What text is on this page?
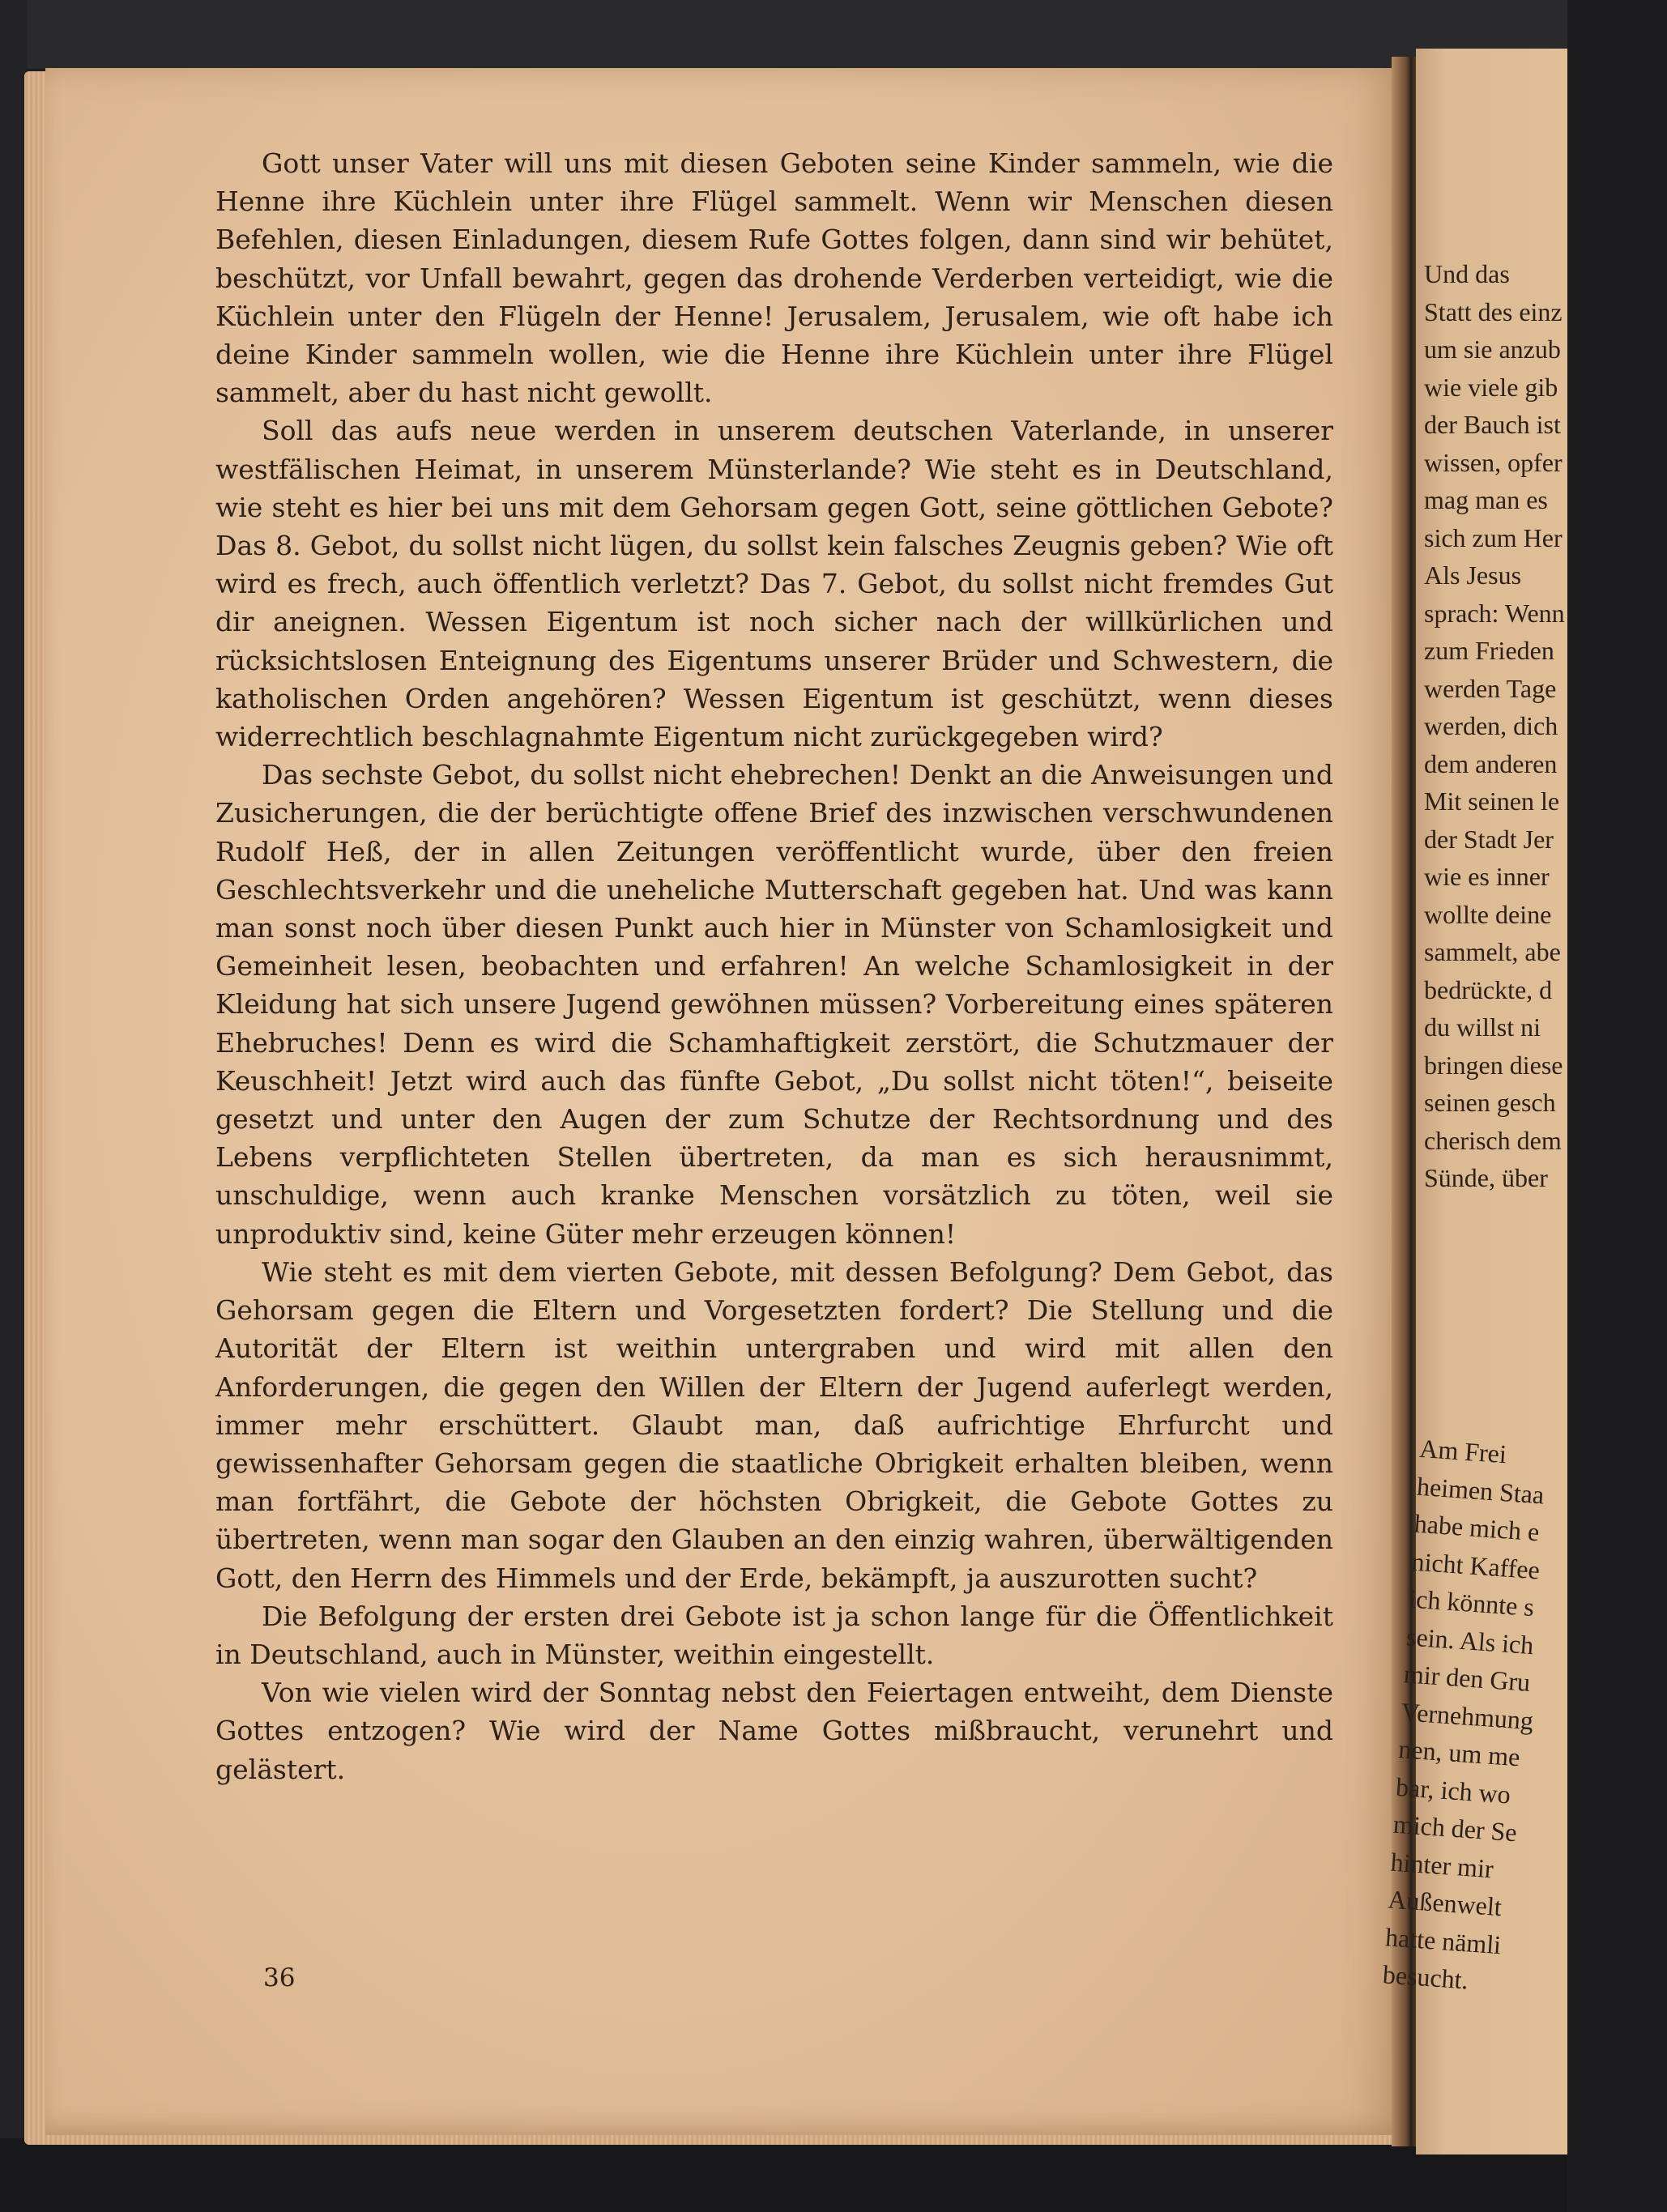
Gott unser Vater will uns mit diesen Geboten seine Kinder sammeln, wie die Henne ihre Küchlein unter ihre Flügel sammelt. Wenn wir Menschen diesen Befehlen, diesen Einladungen, diesem Rufe Gottes folgen, dann sind wir behütet, beschützt, vor Unfall bewahrt, gegen das drohende Verderben verteidigt, wie die Küchlein unter den Flügeln der Henne! Jerusalem, Jerusalem, wie oft habe ich deine Kinder sammeln wollen, wie die Henne ihre Küchlein unter ihre Flügel sammelt, aber du hast nicht gewollt.

Soll das aufs neue werden in unserem deutschen Vaterlande, in unserer westfälischen Heimat, in unserem Münsterlande? Wie steht es in Deutschland, wie steht es hier bei uns mit dem Gehorsam gegen Gott, seine göttlichen Gebote? Das 8. Gebot, du sollst nicht lügen, du sollst kein falsches Zeugnis geben? Wie oft wird es frech, auch öffentlich verletzt? Das 7. Gebot, du sollst nicht fremdes Gut dir aneignen. Wessen Eigentum ist noch sicher nach der willkürlichen und rücksichtslosen Enteignung des Eigentums unserer Brüder und Schwestern, die katholischen Orden angehören? Wessen Eigentum ist geschützt, wenn dieses widerrechtlich beschlagnahmte Eigentum nicht zurückgegeben wird?

Das sechste Gebot, du sollst nicht ehebrechen! Denkt an die Anweisungen und Zusicherungen, die der berüchtigte offene Brief des inzwischen verschwundenen Rudolf Heß, der in allen Zeitungen veröffentlicht wurde, über den freien Geschlechtsverkehr und die uneheliche Mutterschaft gegeben hat. Und was kann man sonst noch über diesen Punkt auch hier in Münster von Schamlosigkeit und Gemeinheit lesen, beobachten und erfahren! An welche Schamlosigkeit in der Kleidung hat sich unsere Jugend gewöhnen müssen? Vorbereitung eines späteren Ehebruches! Denn es wird die Schamhaftigkeit zerstört, die Schutzmauer der Keuschheit! Jetzt wird auch das fünfte Gebot, „Du sollst nicht töten!“, beiseite gesetzt und unter den Augen der zum Schutze der Rechtsordnung und des Lebens verpflichteten Stellen übertreten, da man es sich herausnimmt, unschuldige, wenn auch kranke Menschen vorsätzlich zu töten, weil sie unproduktiv sind, keine Güter mehr erzeugen können!

Wie steht es mit dem vierten Gebote, mit dessen Befolgung? Dem Gebot, das Gehorsam gegen die Eltern und Vorgesetzten fordert? Die Stellung und die Autorität der Eltern ist weithin untergraben und wird mit allen den Anforderungen, die gegen den Willen der Eltern der Jugend auferlegt werden, immer mehr erschüttert. Glaubt man, daß aufrichtige Ehrfurcht und gewissenhafter Gehorsam gegen die staatliche Obrigkeit erhalten bleiben, wenn man fortfährt, die Gebote der höchsten Obrigkeit, die Gebote Gottes zu übertreten, wenn man sogar den Glauben an den einzig wahren, überwältigenden Gott, den Herrn des Himmels und der Erde, bekämpft, ja auszurotten sucht?

Die Befolgung der ersten drei Gebote ist ja schon lange für die Öffentlichkeit in Deutschland, auch in Münster, weithin eingestellt.

Von wie vielen wird der Sonntag nebst den Feiertagen entweiht, dem Dienste Gottes entzogen? Wie wird der Name Gottes mißbraucht, verunehrt und gelästert.

36
Und das
Statt des einz
um sie anzub
wie viele gib
der Bauch ist
wissen, opfer
mag man es
sich zum Her
Als Jesus
sprach: Wenn
zum Frieden
werden Tage
werden, dich
dem anderen
Mit seinen le
der Stadt Jer
wie es inner
wollte deine
sammelt, abe
bedrückte, d
du willst ni
bringen diese
seinen gesch
cherisch dem
Sünde, über
Am Frei
heimen Staa
habe mich e
nicht Kaffee
ich könnte s
sein. Als ich
mir den Gru
Vernehmung
nen, um me
bar, ich wo
mich der Se
hinter mir
Außenwelt
hatte nämli
besucht.
